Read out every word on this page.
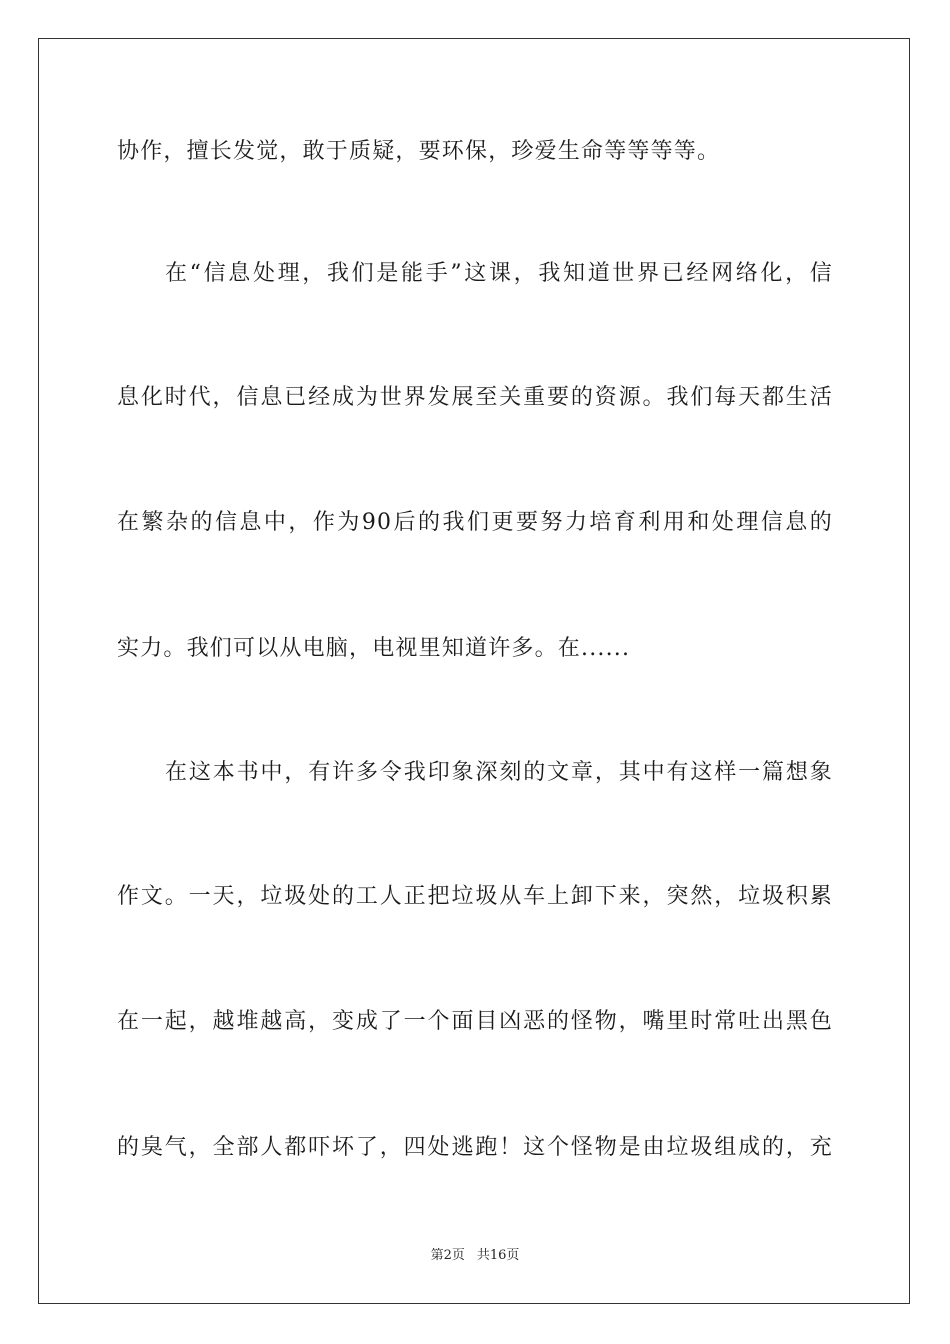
协作，擅长发觉，敢于质疑，要环保，珍爱生命等等等等。
在“信息处理，我们是能手”这课，我知道世界已经网络化，信
息化时代，信息已经成为世界发展至关重要的资源。我们每天都生活
在繁杂的信息中，作为90后的我们更要努力培育利用和处理信息的
实力。我们可以从电脑，电视里知道许多。在......
在这本书中，有许多令我印象深刻的文章，其中有这样一篇想象
作文。一天，垃圾处的工人正把垃圾从车上卸下来，突然，垃圾积累
在一起，越堆越高，变成了一个面目凶恶的怪物，嘴里时常吐出黑色
的臭气，全部人都吓坏了，四处逃跑！这个怪物是由垃圾组成的，充
第2页 共16页
